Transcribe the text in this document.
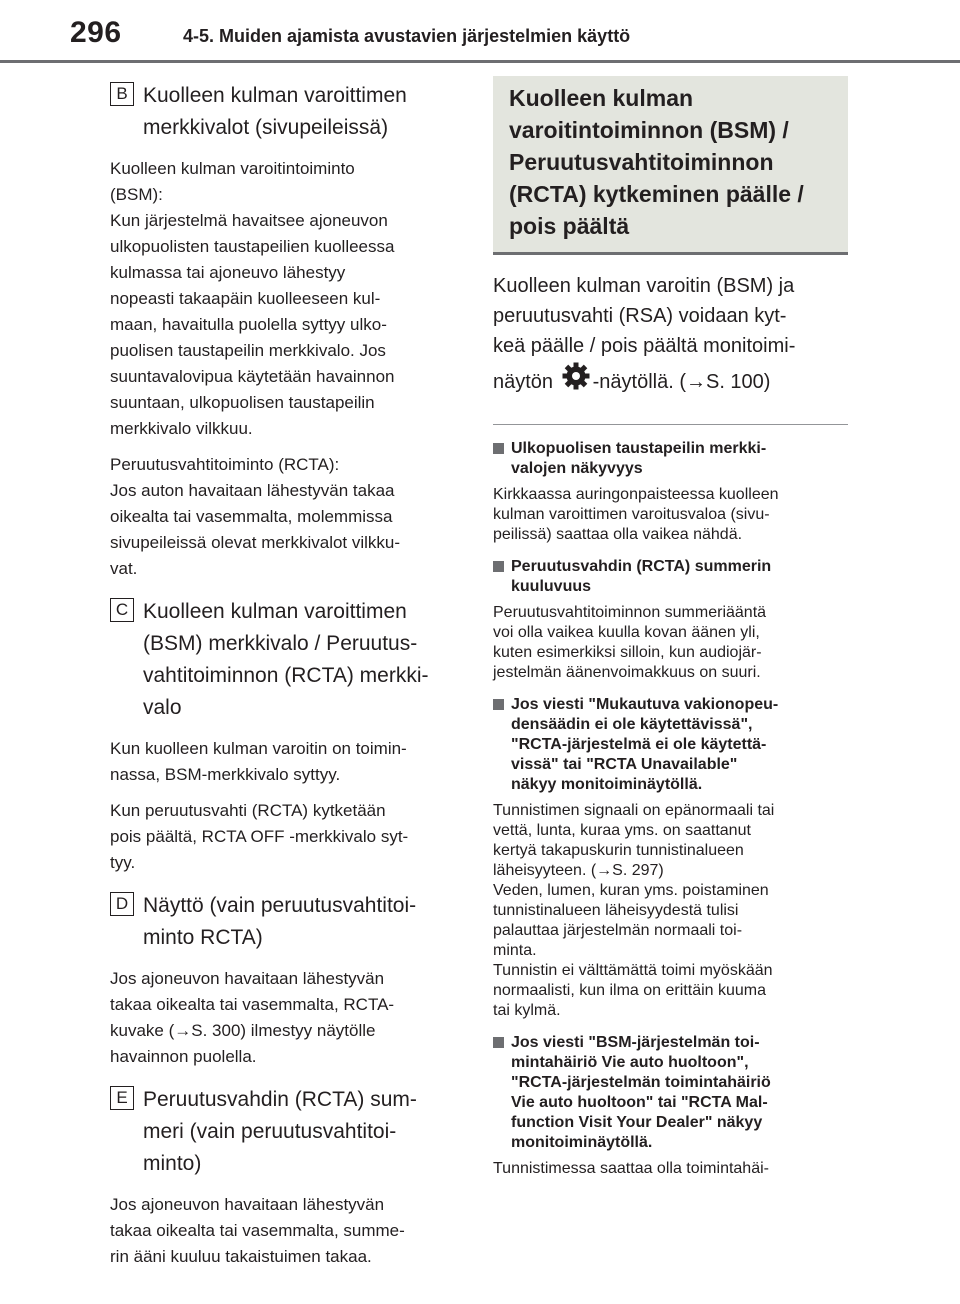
296	4-5. Muiden ajamista avustavien järjestelmien käyttö
B Kuolleen kulman varoittimen
merkkivalot (sivupeileissä)

Kuolleen kulman varoitintoiminto
(BSM):
Kun järjestelmä havaitsee ajoneuvon
ulkopuolisten taustapeilien kuolleessa
kulmassa tai ajoneuvo lähestyy
nopeasti takaapäin kuolleeseen kul-
maan, havaitulla puolella syttyy ulko-
puolisen taustapeilin merkkivalo. Jos
suuntavalovipua käytetään havainnon
suuntaan, ulkopuolisen taustapeilin
merkkivalo vilkkuu.

Peruutusvahtitoiminto (RCTA):
Jos auton havaitaan lähestyvän takaa
oikealta tai vasemmalta, molemmissa
sivupeileissä olevat merkkivalot vilkku-
vat.

C Kuolleen kulman varoittimen
(BSM) merkkivalo / Peruutus-
vahtitoiminnon (RCTA) merkki-
valo

Kun kuolleen kulman varoitin on toimin-
nassa, BSM-merkkivalo syttyy.

Kun peruutusvahti (RCTA) kytketään
pois päältä, RCTA OFF -merkkivalo syt-
tyy.

D Näyttö (vain peruutusvahtitoi-
minto RCTA)

Jos ajoneuvon havaitaan lähestyvän
takaa oikealta tai vasemmalta, RCTA-
kuvake (→S. 300) ilmestyy näytölle
havainnon puolella.

E Peruutusvahdin (RCTA) sum-
meri (vain peruutusvahtitoi-
minto)

Jos ajoneuvon havaitaan lähestyvän
takaa oikealta tai vasemmalta, summe-
rin ääni kuuluu takaistuimen takaa.

Kuolleen kulman
varoitintoiminnon (BSM) /
Peruutusvahtitoiminnon
(RCTA) kytkeminen päälle /
pois päältä

Kuolleen kulman varoitin (BSM) ja
peruutusvahti (RSA) voidaan kyt-
keä päälle / pois päältä monitoimi-
näytön -näytöllä. (→S. 100)
Ulkopuolisen taustapeilin merkki-
valojen näkyvyys

Kirkkaassa auringonpaisteessa kuolleen
kulman varoittimen varoitusvaloa (sivu-
peilissä) saattaa olla vaikea nähdä.

Peruutusvahdin (RCTA) summerin
kuuluvuus

Peruutusvahtitoiminnon summeriääntä
voi olla vaikea kuulla kovan äänen yli,
kuten esimerkiksi silloin, kun audiojär-
jestelmän äänenvoimakkuus on suuri.

Jos viesti "Mukautuva vakionopeu-
densäädin ei ole käytettävissä",
"RCTA-järjestelmä ei ole käytettä-
vissä" tai "RCTA Unavailable"
näkyy monitoiminäytöllä.

Tunnistimen signaali on epänormaali tai
vettä, lunta, kuraa yms. on saattanut
kertyä takapuskurin tunnistinalueen
läheisyyteen. (→S. 297)
Veden, lumen, kuran yms. poistaminen
tunnistinalueen läheisyydestä tulisi
palauttaa järjestelmän normaali toi-
minta.
Tunnistin ei välttämättä toimi myöskään
normaalisti, kun ilma on erittäin kuuma
tai kylmä.

Jos viesti "BSM-järjestelmän toi-
mintahäiriö Vie auto huoltoon",
"RCTA-järjestelmän toimintahäiriö
Vie auto huoltoon" tai "RCTA Mal-
function Visit Your Dealer" näkyy
monitoiminäytöllä.

Tunnistimessa saattaa olla toimintahäi-
